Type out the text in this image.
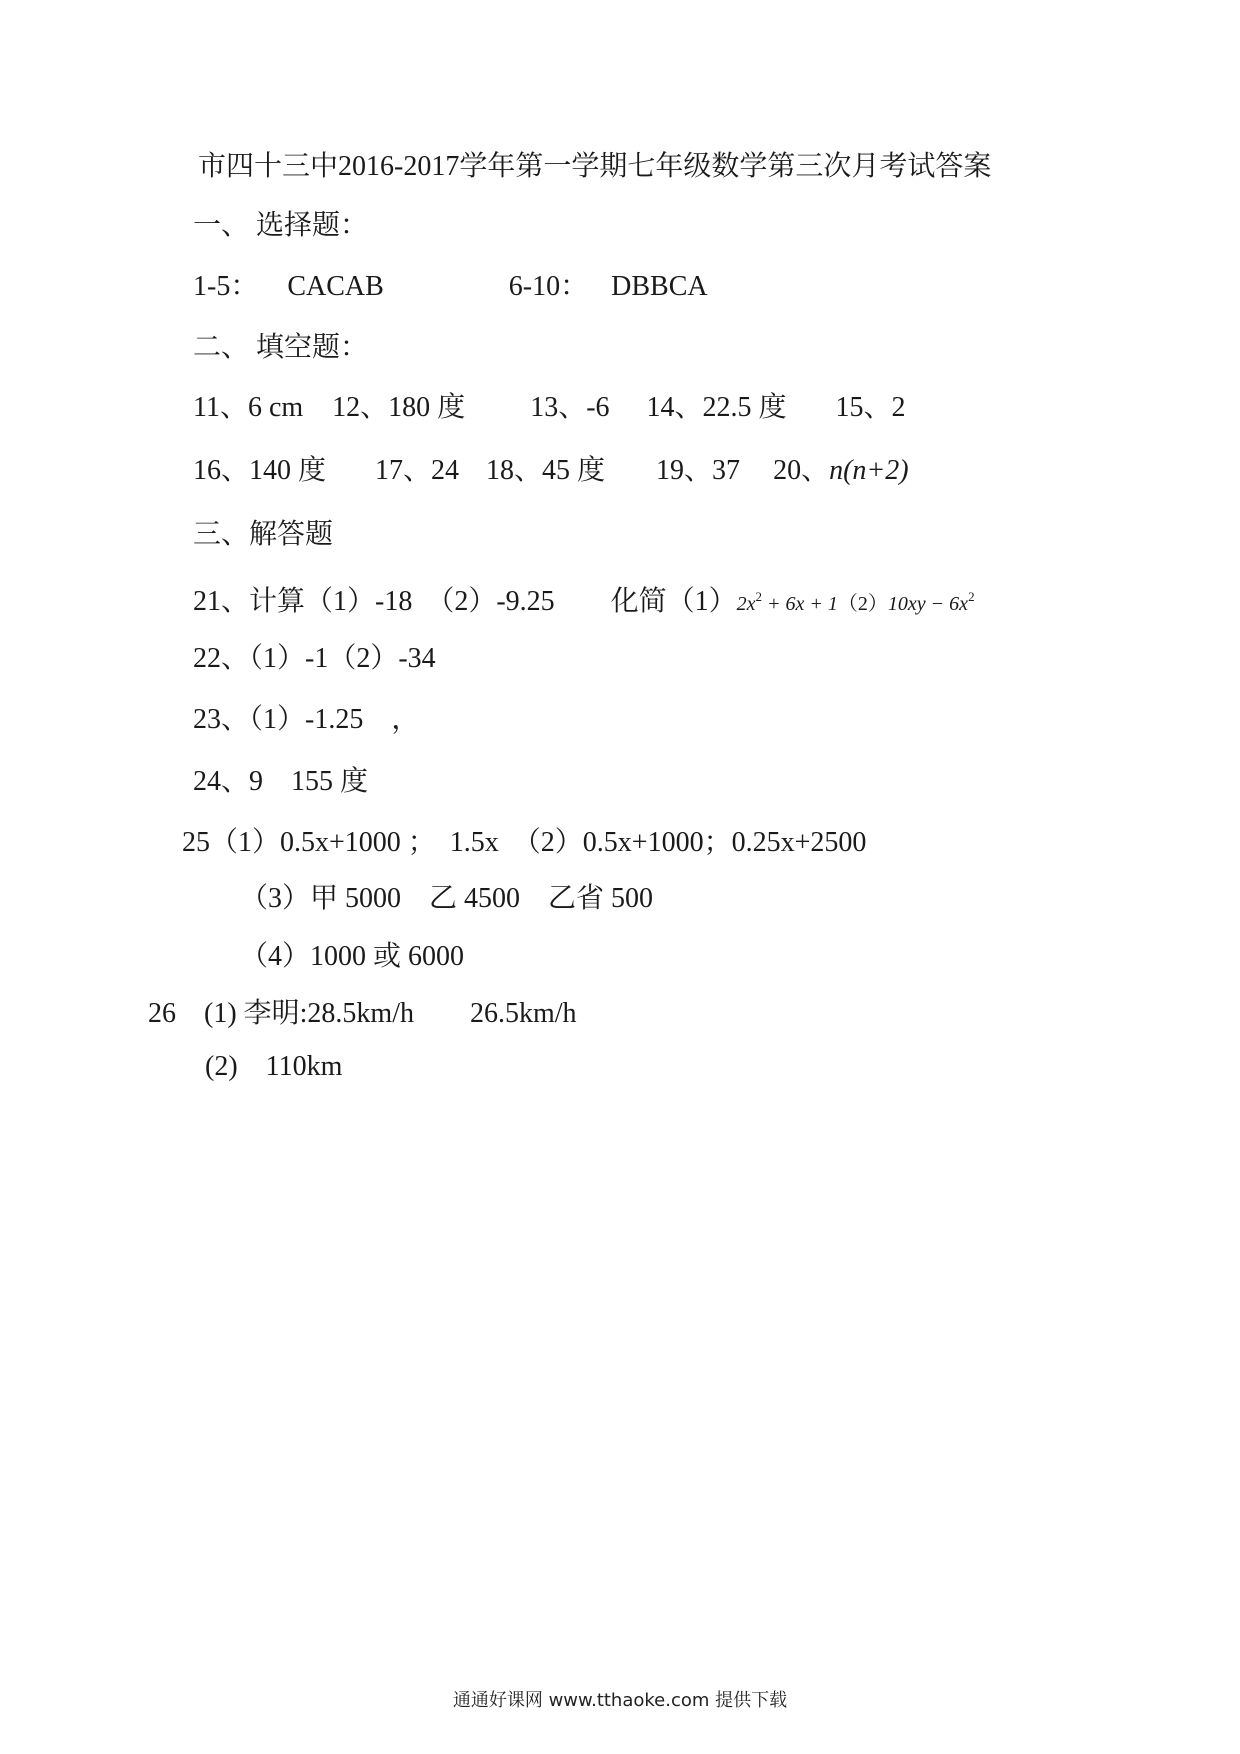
市四十三中2016-2017学年第一学期七年级数学第三次月考试答案
一、 选择题：
1-5： CACAB	6-10： DBBCA
二、 填空题：
11、6 cm 12、180 度 13、-6 14、22.5 度 15、2
16、140 度 17、24 18、45 度 19、37 20、n(n+2)
三、解答题
21、计算（1）-18　（2）-9.25　　化简$(1)2x^2 + 6x + 1(2)10xy - 6x^2$
22、（1）-1（2）-34
23、（1）-1.25　，
24、9　155 度
25（1）0.5x+1000 ；　1.5x　（2）0.5x+1000；0.25x+2500
（3）甲 5000　乙 4500　乙省 500
（4）1000 或 6000
26　(1) 李明:28.5km/h　　26.5km/h
(2)　110km
通通好课网 www.tthaoke.com 提供下载
